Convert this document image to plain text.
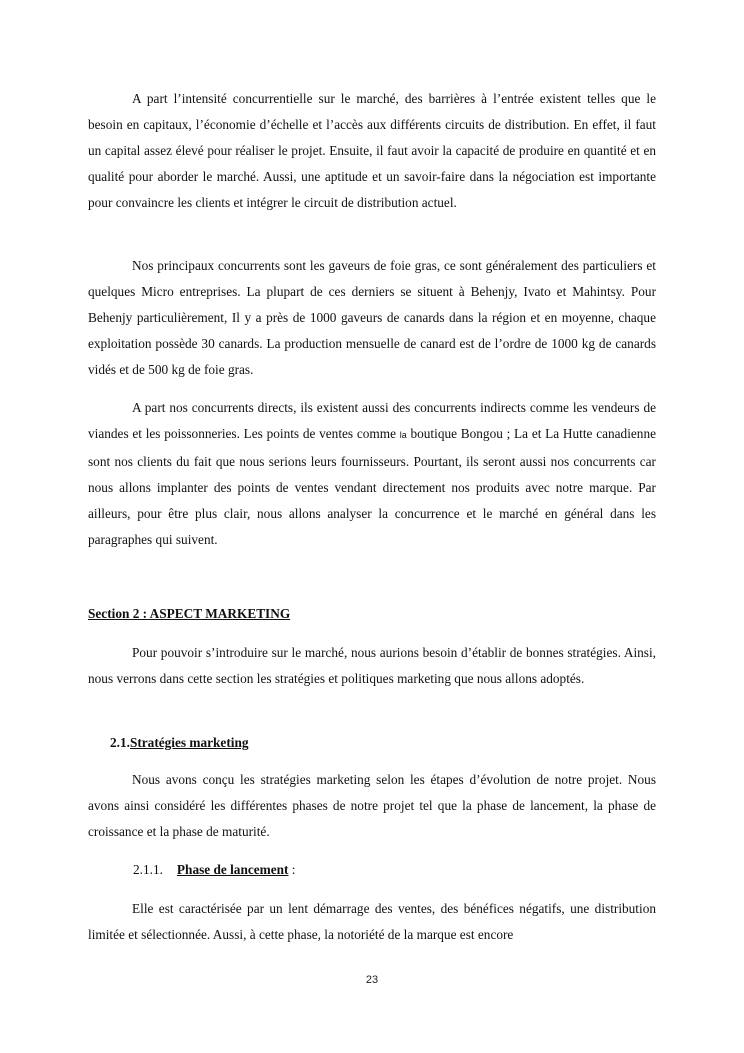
A part l’intensité concurrentielle sur le marché, des barrières à l’entrée existent telles que le besoin en capitaux, l’économie d’échelle et l’accès aux différents circuits de distribution. En effet, il faut un capital assez élevé pour réaliser le projet. Ensuite, il faut avoir la capacité de produire en quantité et en qualité pour aborder le marché. Aussi, une aptitude et un savoir-faire dans la négociation est importante pour convaincre les clients et intégrer le circuit de distribution actuel.

Nos principaux concurrents sont les gaveurs de foie gras, ce sont généralement des particuliers et quelques Micro entreprises. La plupart de ces derniers se situent à Behenjy, Ivato et Mahintsy. Pour Behenjy particulièrement, Il y a près de 1000 gaveurs de canards dans la région et en moyenne, chaque exploitation possède 30 canards. La production mensuelle de canard est de l’ordre de 1000 kg de canards vidés et de 500 kg de foie gras.

A part nos concurrents directs, ils existent aussi des concurrents indirects comme les vendeurs de viandes et les poissonneries. Les points de ventes comme la boutique Bongou ; La et La Hutte canadienne sont nos clients du fait que nous serions leurs fournisseurs. Pourtant, ils seront aussi nos concurrents car nous allons implanter des points de ventes vendant directement nos produits avec notre marque. Par ailleurs, pour être plus clair, nous allons analyser la concurrence et le marché en général dans les paragraphes qui suivent.

Section 2 : ASPECT MARKETING

Pour pouvoir s’introduire sur le marché, nous aurions besoin d’établir de bonnes stratégies. Ainsi, nous verrons dans cette section les stratégies et politiques marketing que nous allons adoptés.

2.1.Stratégies marketing

Nous avons conçu les stratégies marketing selon les étapes d’évolution de notre projet. Nous avons ainsi considéré les différentes phases de notre projet tel que la phase de lancement, la phase de croissance et la phase de maturité.

2.1.1. Phase de lancement :

Elle est caractérisée par un lent démarrage des ventes, des bénéfices négatifs, une distribution limitée et sélectionnée. Aussi, à cette phase, la notoriété de la marque est encore

23
